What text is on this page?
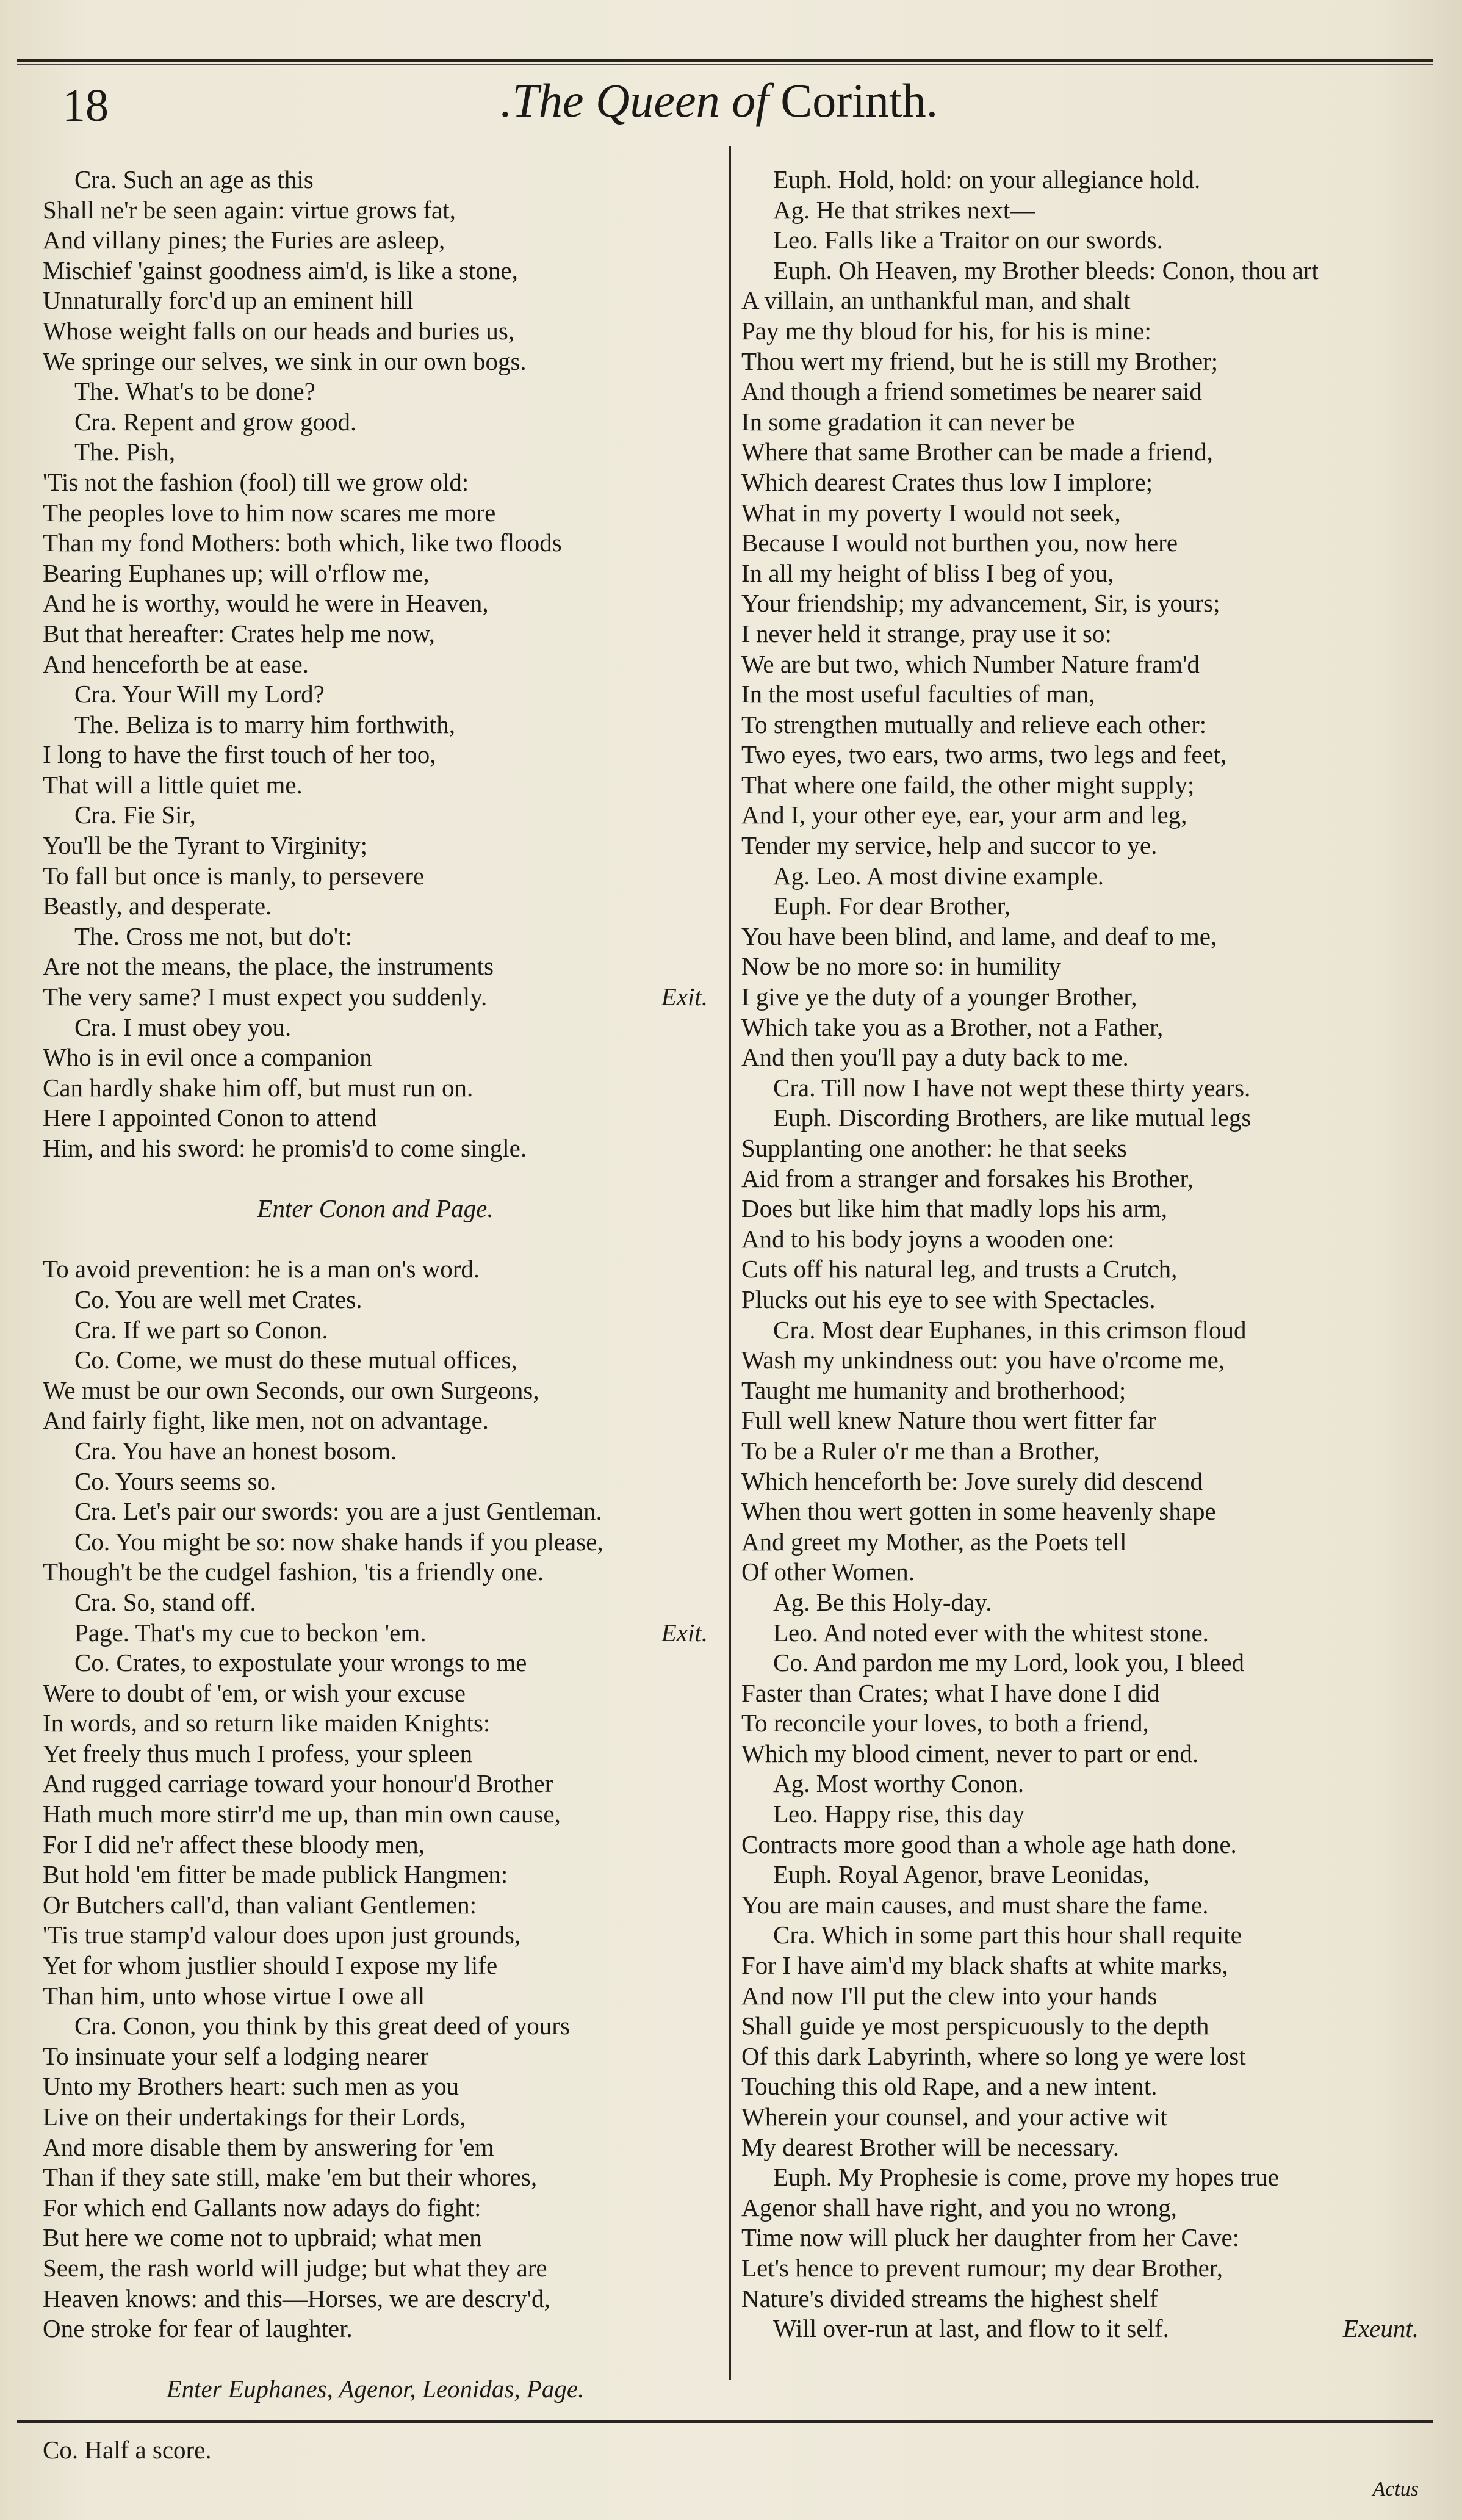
18	.The Queen of Corinth.
Cra. Such an age as this
Shall ne'r be seen again: virtue grows fat,
And villany pines; the Furies are asleep,
Mischief 'gainst goodness aim'd, is like a stone,
Unnaturally forc'd up an eminent hill
Whose weight falls on our heads and buries us,
We springe our selves, we sink in our own bogs.
The. What's to be done?
Cra. Repent and grow good.
The. Pish,
'Tis not the fashion (fool) till we grow old:
The peoples love to him now scares me more
Than my fond Mothers: both which, like two floods
Bearing Euphanes up; will o'rflow me,
And he is worthy, would he were in Heaven,
But that hereafter: Crates help me now,
And henceforth be at ease.
Cra. Your Will my Lord?
The. Beliza is to marry him forthwith,
I long to have the first touch of her too,
That will a little quiet me.
Cra. Fie Sir,
You'll be the Tyrant to Virginity;
To fall but once is manly, to persevere
Beastly, and desperate.
The. Cross me not, but do't:
Are not the means, the place, the instruments
The very same? I must expect you suddenly.	Exit.
Cra. I must obey you.
Who is in evil once a companion
Can hardly shake him off, but must run on.
Here I appointed Conon to attend
Him, and his sword: he promis'd to come single.
Enter Conon and Page.
To avoid prevention: he is a man on's word.
Co. You are well met Crates.
Cra. If we part so Conon.
Co. Come, we must do these mutual offices,
We must be our own Seconds, our own Surgeons,
And fairly fight, like men, not on advantage.
Cra. You have an honest bosom.
Co. Yours seems so.
Cra. Let's pair our swords: you are a just Gentleman.
Co. You might be so: now shake hands if you please,
Though't be the cudgel fashion, 'tis a friendly one.
Cra. So, stand off.
Page. That's my cue to beckon 'em.	Exit.
Co. Crates, to expostulate your wrongs to me
Were to doubt of 'em, or wish your excuse
In words, and so return like maiden Knights:
Yet freely thus much I profess, your spleen
And rugged carriage toward your honour'd Brother
Hath much more stirr'd me up, than min own cause,
For I did ne'r affect these bloody men,
But hold 'em fitter be made publick Hangmen:
Or Butchers call'd, than valiant Gentlemen:
'Tis true stamp'd valour does upon just grounds,
Yet for whom justlier should I expose my life
Than him, unto whose virtue I owe all
Cra. Conon, you think by this great deed of yours
To insinuate your self a lodging nearer
Unto my Brothers heart: such men as you
Live on their undertakings for their Lords,
And more disable them by answering for 'em
Than if they sate still, make 'em but their whores,
For which end Gallants now adays do fight:
But here we come not to upbraid; what men
Seem, the rash world will judge; but what they are
Heaven knows: and this—Horses, we are descry'd,
One stroke for fear of laughter.
Enter Euphanes, Agenor, Leonidas, Page.
Co. Half a score.
Euph. Hold, hold: on your allegiance hold.
Ag. He that strikes next—
Leo. Falls like a Traitor on our swords.
Euph. Oh Heaven, my Brother bleeds: Conon, thou art
A villain, an unthankful man, and shalt
Pay me thy bloud for his, for his is mine:
Thou wert my friend, but he is still my Brother;
And though a friend sometimes be nearer said
In some gradation it can never be
Where that same Brother can be made a friend,
Which dearest Crates thus low I implore;
What in my poverty I would not seek,
Because I would not burthen you, now here
In all my height of bliss I beg of you,
Your friendship; my advancement, Sir, is yours;
I never held it strange, pray use it so:
We are but two, which Number Nature fram'd
In the most useful faculties of man,
To strengthen mutually and relieve each other:
Two eyes, two ears, two arms, two legs and feet,
That where one faild, the other might supply;
And I, your other eye, ear, your arm and leg,
Tender my service, help and succor to ye.
Ag. Leo. A most divine example.
Euph. For dear Brother,
You have been blind, and lame, and deaf to me,
Now be no more so: in humility
I give ye the duty of a younger Brother,
Which take you as a Brother, not a Father,
And then you'll pay a duty back to me.
Cra. Till now I have not wept these thirty years.
Euph. Discording Brothers, are like mutual legs
Supplanting one another: he that seeks
Aid from a stranger and forsakes his Brother,
Does but like him that madly lops his arm,
And to his body joyns a wooden one:
Cuts off his natural leg, and trusts a Crutch,
Plucks out his eye to see with Spectacles.
Cra. Most dear Euphanes, in this crimson floud
Wash my unkindness out: you have o'rcome me,
Taught me humanity and brotherhood;
Full well knew Nature thou wert fitter far
To be a Ruler o'r me than a Brother,
Which henceforth be: Jove surely did descend
When thou wert gotten in some heavenly shape
And greet my Mother, as the Poets tell
Of other Women.
Ag. Be this Holy-day.
Leo. And noted ever with the whitest stone.
Co. And pardon me my Lord, look you, I bleed
Faster than Crates; what I have done I did
To reconcile your loves, to both a friend,
Which my blood ciment, never to part or end.
Ag. Most worthy Conon.
Leo. Happy rise, this day
Contracts more good than a whole age hath done.
Euph. Royal Agenor, brave Leonidas,
You are main causes, and must share the fame.
Cra. Which in some part this hour shall requite
For I have aim'd my black shafts at white marks,
And now I'll put the clew into your hands
Shall guide ye most perspicuously to the depth
Of this dark Labyrinth, where so long ye were lost
Touching this old Rape, and a new intent.
Wherein your counsel, and your active wit
My dearest Brother will be necessary.
Euph. My Prophesie is come, prove my hopes true
Agenor shall have right, and you no wrong,
Time now will pluck her daughter from her Cave:
Let's hence to prevent rumour; my dear Brother,
Nature's divided streams the highest shelf
Will over-run at last, and flow to it self.	Exeunt.
Actus
